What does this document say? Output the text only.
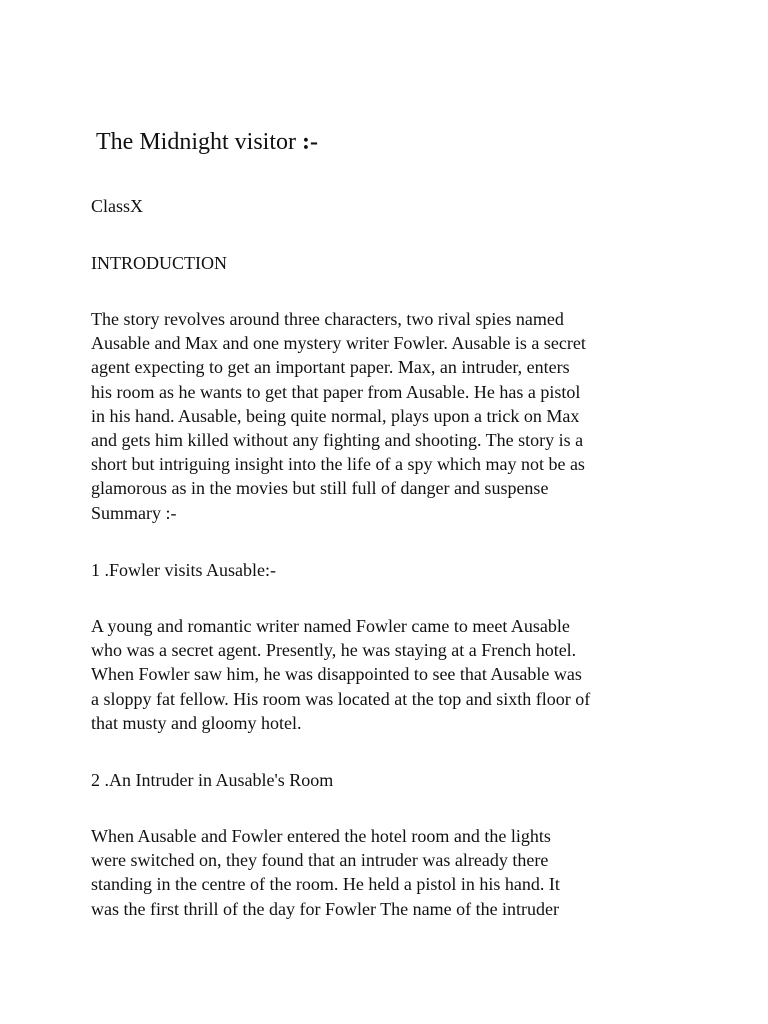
The Midnight visitor :-
ClassX
INTRODUCTION
The story revolves around three characters, two rival spies named
Ausable and Max and one mystery writer Fowler. Ausable is a secret
agent expecting to get an important paper. Max, an intruder, enters
his room as he wants to get that paper from Ausable. He has a pistol
in his hand. Ausable, being quite normal, plays upon a trick on Max
and gets him killed without any fighting and shooting. The story is a
short but intriguing insight into the life of a spy which may not be as
glamorous as in the movies but still full of danger and suspense
Summary :-
1 .Fowler visits Ausable:-
A young and romantic writer named Fowler came to meet Ausable
who was a secret agent. Presently, he was staying at a French hotel.
When Fowler saw him, he was disappointed to see that Ausable was
a sloppy fat fellow. His room was located at the top and sixth floor of
that musty and gloomy hotel.
2 .An Intruder in Ausable's Room
When Ausable and Fowler entered the hotel room and the lights
were switched on, they found that an intruder was already there
standing in the centre of the room. He held a pistol in his hand. It
was the first thrill of the day for Fowler The name of the intruder
